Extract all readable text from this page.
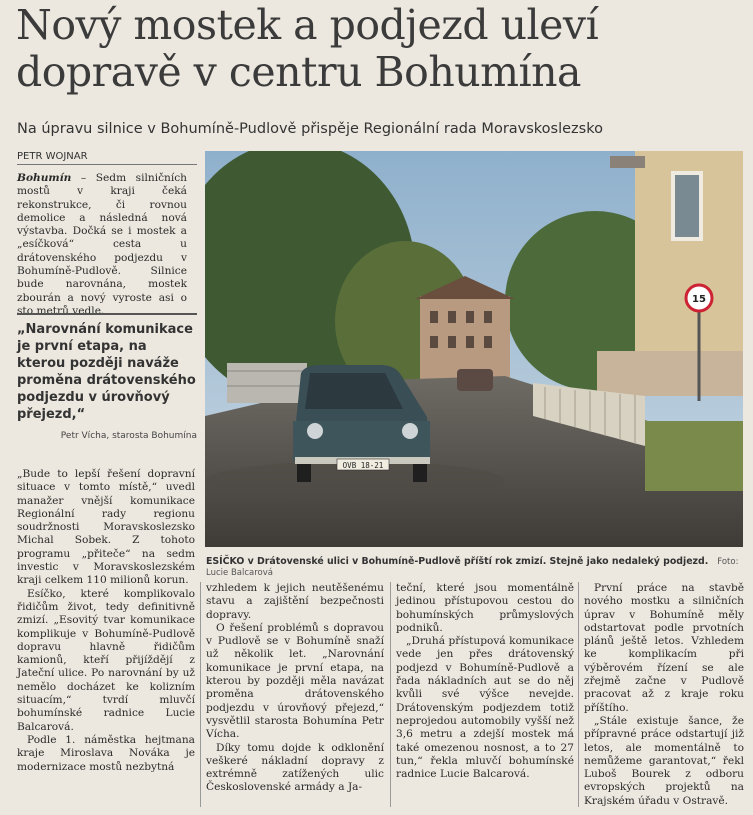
Nový mostek a podjezd uleví
dopravě v centru Bohumína
Na úpravu silnice v Bohumíně-Pudlově přispěje Regionální rada Moravskoslezsko
PETR WOJNAR
Bohumín – Sedm silničních mostů v kraji čeká rekonstrukce, či rovnou demolice a následná nová výstavba. Dočká se i mostek a „esíčková“ cesta u drátovenského podjezdu v Bohumíně-Pudlově. Silnice bude narovnána, mostek zbourán a nový vyroste asi o sto metrů vedle.
„Narovnání komunikace je první etapa, na kterou později naváže proměna drátovenského podjezdu v úrovňový přejezd,“
Petr Vícha, starosta Bohumína
15
OVB 18-21
ESÍČKO v Drátovenské ulici v Bohumíně-Pudlově příští rok zmizí. Stejně jako nedaleký podjezd. Foto: Lucie Balcarová

„Bude to lepší řešení dopravní situace v tomto místě,“ uvedl manažer vnější komunikace Regionální rady regionu soudržnosti Moravskoslezsko Michal Sobek. Z tohoto programu „přiteče“ na sedm investic v Moravskoslezském kraji celkem 110 milionů korun.

Esíčko, které komplikovalo řidičům život, tedy definitivně zmizí. „Esovitý tvar komunikace komplikuje v Bohumíně-Pudlově dopravu hlavně řidičům kamionů, kteří přijíždějí z Jateční ulice. Po narovnání by už nemělo docházet ke kolizním situacím,“ tvrdí mluvčí bohumínské radnice Lucie Balcarová.

Podle 1. náměstka hejtmana kraje Miroslava Nováka je modernizace mostů nezbytná

vzhledem k jejich neutěšenému stavu a zajištění bezpečnosti dopravy.

O řešení problémů s dopravou v Pudlově se v Bohumíně snaží už několik let. „Narovnání komunikace je první etapa, na kterou by později měla navázat proměna drátovenského podjezdu v úrovňový přejezd,“ vysvětlil starosta Bohumína Petr Vícha.

Díky tomu dojde k odklonění veškeré nákladní dopravy z extrémně zatížených ulic Československé armády a Ja-

teční, které jsou momentálně jedinou přístupovou cestou do bohumínských průmyslových podniků.

„Druhá přístupová komunikace vede jen přes drátovenský podjezd v Bohumíně-Pudlově a řada nákladních aut se do něj kvůli své výšce nevejde. Drátovenským podjezdem totiž neprojedou automobily vyšší než 3,6 metru a zdejší mostek má také omezenou nosnost, a to 27 tun,“ řekla mluvčí bohumínské radnice Lucie Balcarová.

První práce na stavbě nového mostku a silničních úprav v Bohumíně měly odstartovat podle prvotních plánů ještě letos. Vzhledem ke komplikacím při výběrovém řízení se ale zřejmě začne v Pudlově pracovat až z kraje roku příštího.

„Stále existuje šance, že přípravné práce odstartují již letos, ale momentálně to nemůžeme garantovat,“ řekl Luboš Bourek z odboru evropských projektů na Krajském úřadu v Ostravě.
